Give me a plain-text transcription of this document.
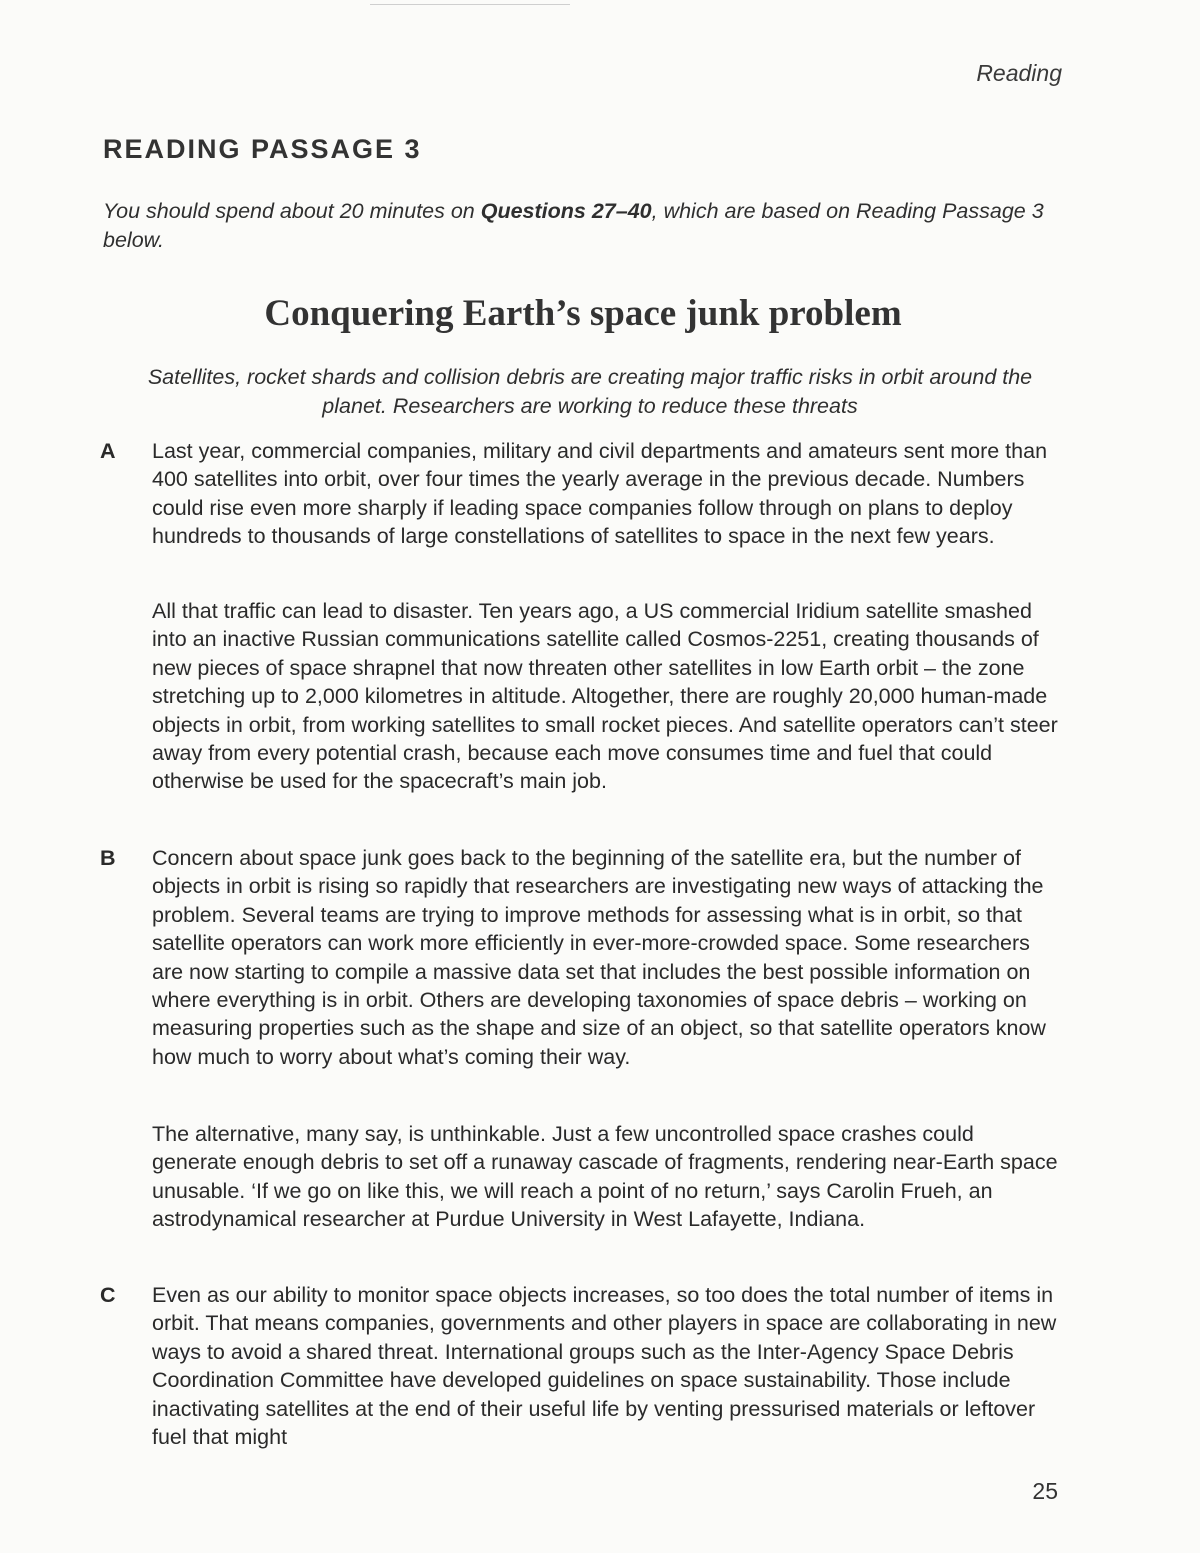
Reading
READING PASSAGE 3
You should spend about 20 minutes on Questions 27–40, which are based on Reading Passage 3 below.
Conquering Earth’s space junk problem
Satellites, rocket shards and collision debris are creating major traffic risks in orbit around the planet. Researchers are working to reduce these threats
A	Last year, commercial companies, military and civil departments and amateurs sent more than 400 satellites into orbit, over four times the yearly average in the previous decade. Numbers could rise even more sharply if leading space companies follow through on plans to deploy hundreds to thousands of large constellations of satellites to space in the next few years.
All that traffic can lead to disaster. Ten years ago, a US commercial Iridium satellite smashed into an inactive Russian communications satellite called Cosmos-2251, creating thousands of new pieces of space shrapnel that now threaten other satellites in low Earth orbit – the zone stretching up to 2,000 kilometres in altitude. Altogether, there are roughly 20,000 human-made objects in orbit, from working satellites to small rocket pieces. And satellite operators can’t steer away from every potential crash, because each move consumes time and fuel that could otherwise be used for the spacecraft’s main job.
B	Concern about space junk goes back to the beginning of the satellite era, but the number of objects in orbit is rising so rapidly that researchers are investigating new ways of attacking the problem. Several teams are trying to improve methods for assessing what is in orbit, so that satellite operators can work more efficiently in ever-more-crowded space. Some researchers are now starting to compile a massive data set that includes the best possible information on where everything is in orbit. Others are developing taxonomies of space debris – working on measuring properties such as the shape and size of an object, so that satellite operators know how much to worry about what’s coming their way.
The alternative, many say, is unthinkable. Just a few uncontrolled space crashes could generate enough debris to set off a runaway cascade of fragments, rendering near-Earth space unusable. ‘If we go on like this, we will reach a point of no return,’ says Carolin Frueh, an astrodynamical researcher at Purdue University in West Lafayette, Indiana.
C	Even as our ability to monitor space objects increases, so too does the total number of items in orbit. That means companies, governments and other players in space are collaborating in new ways to avoid a shared threat. International groups such as the Inter-Agency Space Debris Coordination Committee have developed guidelines on space sustainability. Those include inactivating satellites at the end of their useful life by venting pressurised materials or leftover fuel that might
25
